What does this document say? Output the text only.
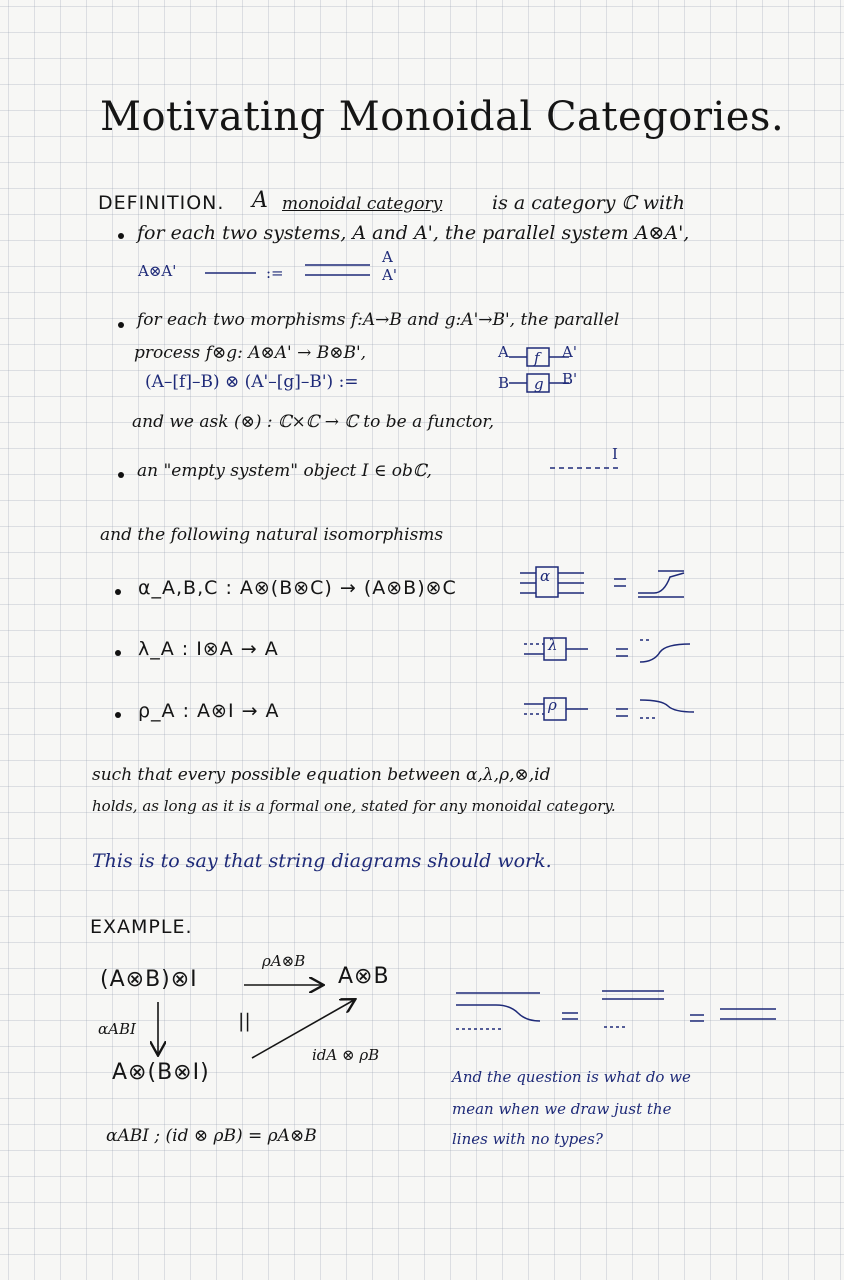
Motivating Monoidal Categories.
DEFINITION. A monoidal category	is a category ℂ with
for each two systems, A and A', the parallel system A⊗A',
A⊗A'	:=
A
A'
for each two morphisms f:A→B and g:A'→B', the parallel
process f⊗g: A⊗A' → B⊗B',
(A–[f]–B) ⊗ (A'–[g]–B') :=
f
g
A
B
A'
B'
and we ask (⊗) : ℂ×ℂ → ℂ to be a functor,
an "empty system" object I ∈ obℂ,
I
and the following natural isomorphisms
α_A,B,C : A⊗(B⊗C) → (A⊗B)⊗C
λ_A : I⊗A → A
ρ_A : A⊗I → A
α
λ
ρ
such that every possible equation between α,λ,ρ,⊗,id
holds, as long as it is a formal one, stated for any monoidal category.
This is to say that string diagrams should work.
EXAMPLE.
(A⊗B)⊗I
ρA⊗B
A⊗B
αABI	||
A⊗(B⊗I)
idA ⊗ ρB
αABI ; (id ⊗ ρB) = ρA⊗B
And the question is what do we
mean when we draw just the
lines with no types?
